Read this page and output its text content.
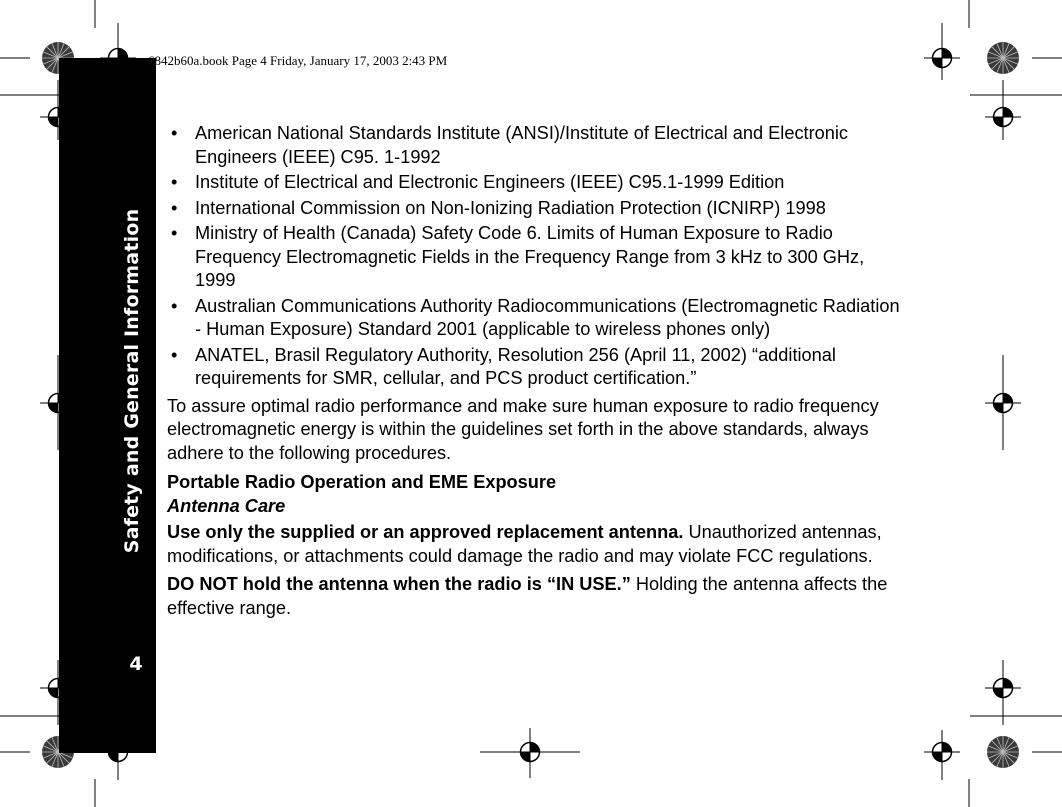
Safety and General Information
4
6842b60a.book Page 4 Friday, January 17, 2003 2:43 PM
• American National Standards Institute (ANSI)/Institute of Electrical and Electronic Engineers (IEEE) C95. 1-1992
• Institute of Electrical and Electronic Engineers (IEEE) C95.1-1999 Edition
• International Commission on Non-Ionizing Radiation Protection (ICNIRP) 1998
• Ministry of Health (Canada) Safety Code 6. Limits of Human Exposure to Radio Frequency Electromagnetic Fields in the Frequency Range from 3 kHz to 300 GHz, 1999
• Australian Communications Authority Radiocommunications (Electromagnetic Radiation - Human Exposure) Standard 2001 (applicable to wireless phones only)
• ANATEL, Brasil Regulatory Authority, Resolution 256 (April 11, 2002) “additional requirements for SMR, cellular, and PCS product certification.”

To assure optimal radio performance and make sure human exposure to radio frequency electromagnetic energy is within the guidelines set forth in the above standards, always adhere to the following procedures.

Portable Radio Operation and EME Exposure

Antenna Care

Use only the supplied or an approved replacement antenna. Unauthorized antennas, modifications, or attachments could damage the radio and may violate FCC regulations.

DO NOT hold the antenna when the radio is “IN USE.” Holding the antenna affects the effective range.
